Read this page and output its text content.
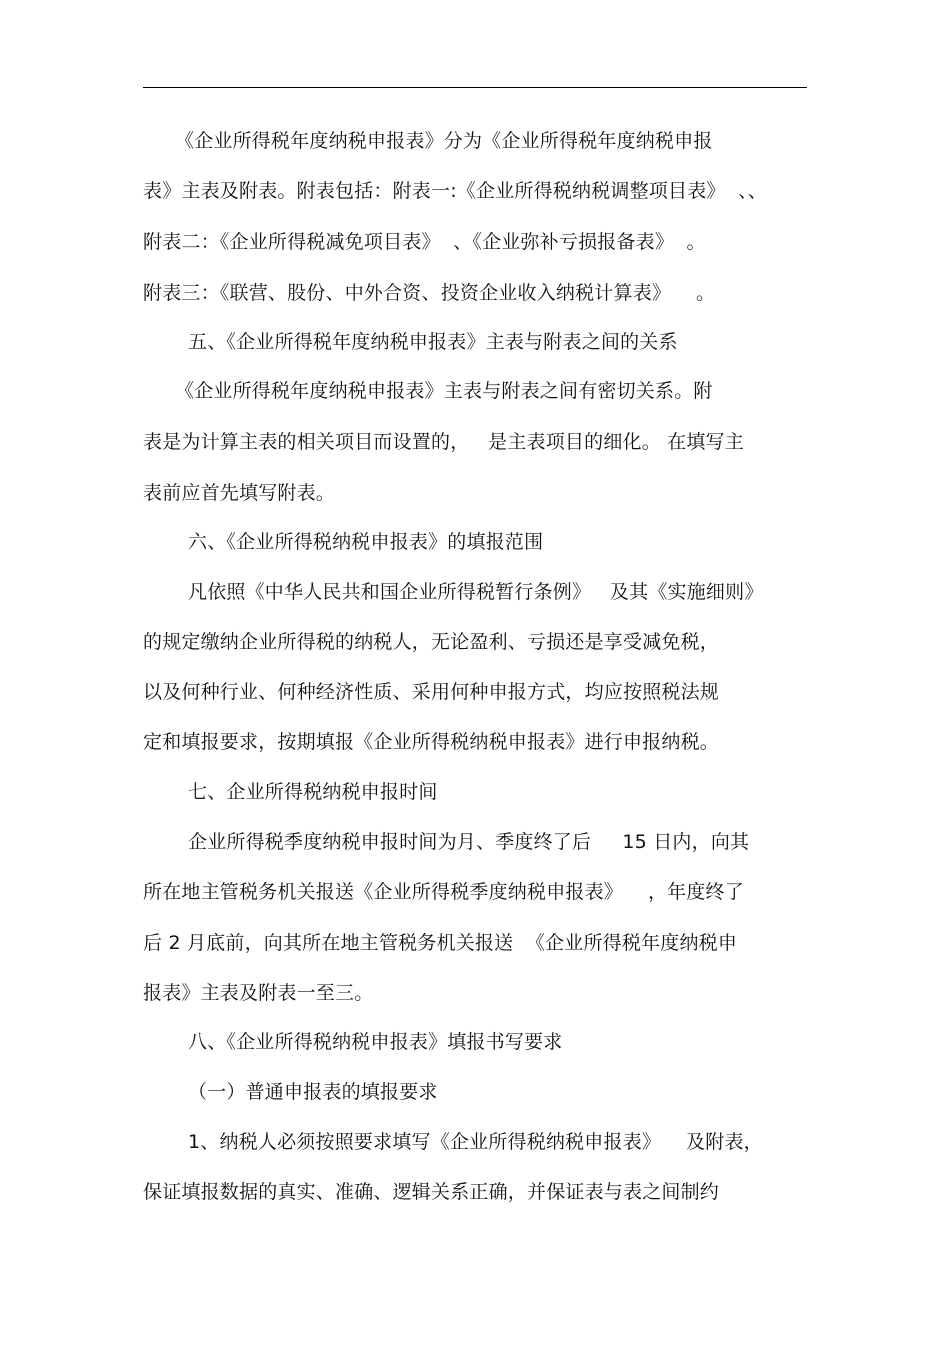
《企业所得税年度纳税申报表》分为《企业所得税年度纳税申报
表》主表及附表。附表包括：附表一:《企业所得税纳税调整项目表》  、、
附表二：《企业所得税减免项目表》  、《企业弥补亏损报备表》  。
附表三：《联营、股份、中外合资、投资企业收入纳税计算表》    。
五、《企业所得税年度纳税申报表》主表与附表之间的关系
《企业所得税年度纳税申报表》主表与附表之间有密切关系。附
表是为计算主表的相关项目而设置的，   是主表项目的细化。 在填写主
表前应首先填写附表。
六、《企业所得税纳税申报表》的填报范围
凡依照《中华人民共和国企业所得税暂行条例》   及其《实施细则》
的规定缴纳企业所得税的纳税人，无论盈利、亏损还是享受减免税，
以及何种行业、何种经济性质、采用何种申报方式，均应按照税法规
定和填报要求，按期填报《企业所得税纳税申报表》进行申报纳税。
七、企业所得税纳税申报时间
企业所得税季度纳税申报时间为月、季度终了后     15 日内，向其
所在地主管税务机关报送《企业所得税季度纳税申报表》    ，年度终了
后 2 月底前，向其所在地主管税务机关报送  《企业所得税年度纳税申
报表》主表及附表一至三。
八、《企业所得税纳税申报表》填报书写要求
（一）普通申报表的填报要求
1、纳税人必须按照要求填写《企业所得税纳税申报表》    及附表，
保证填报数据的真实、准确、逻辑关系正确，并保证表与表之间制约
